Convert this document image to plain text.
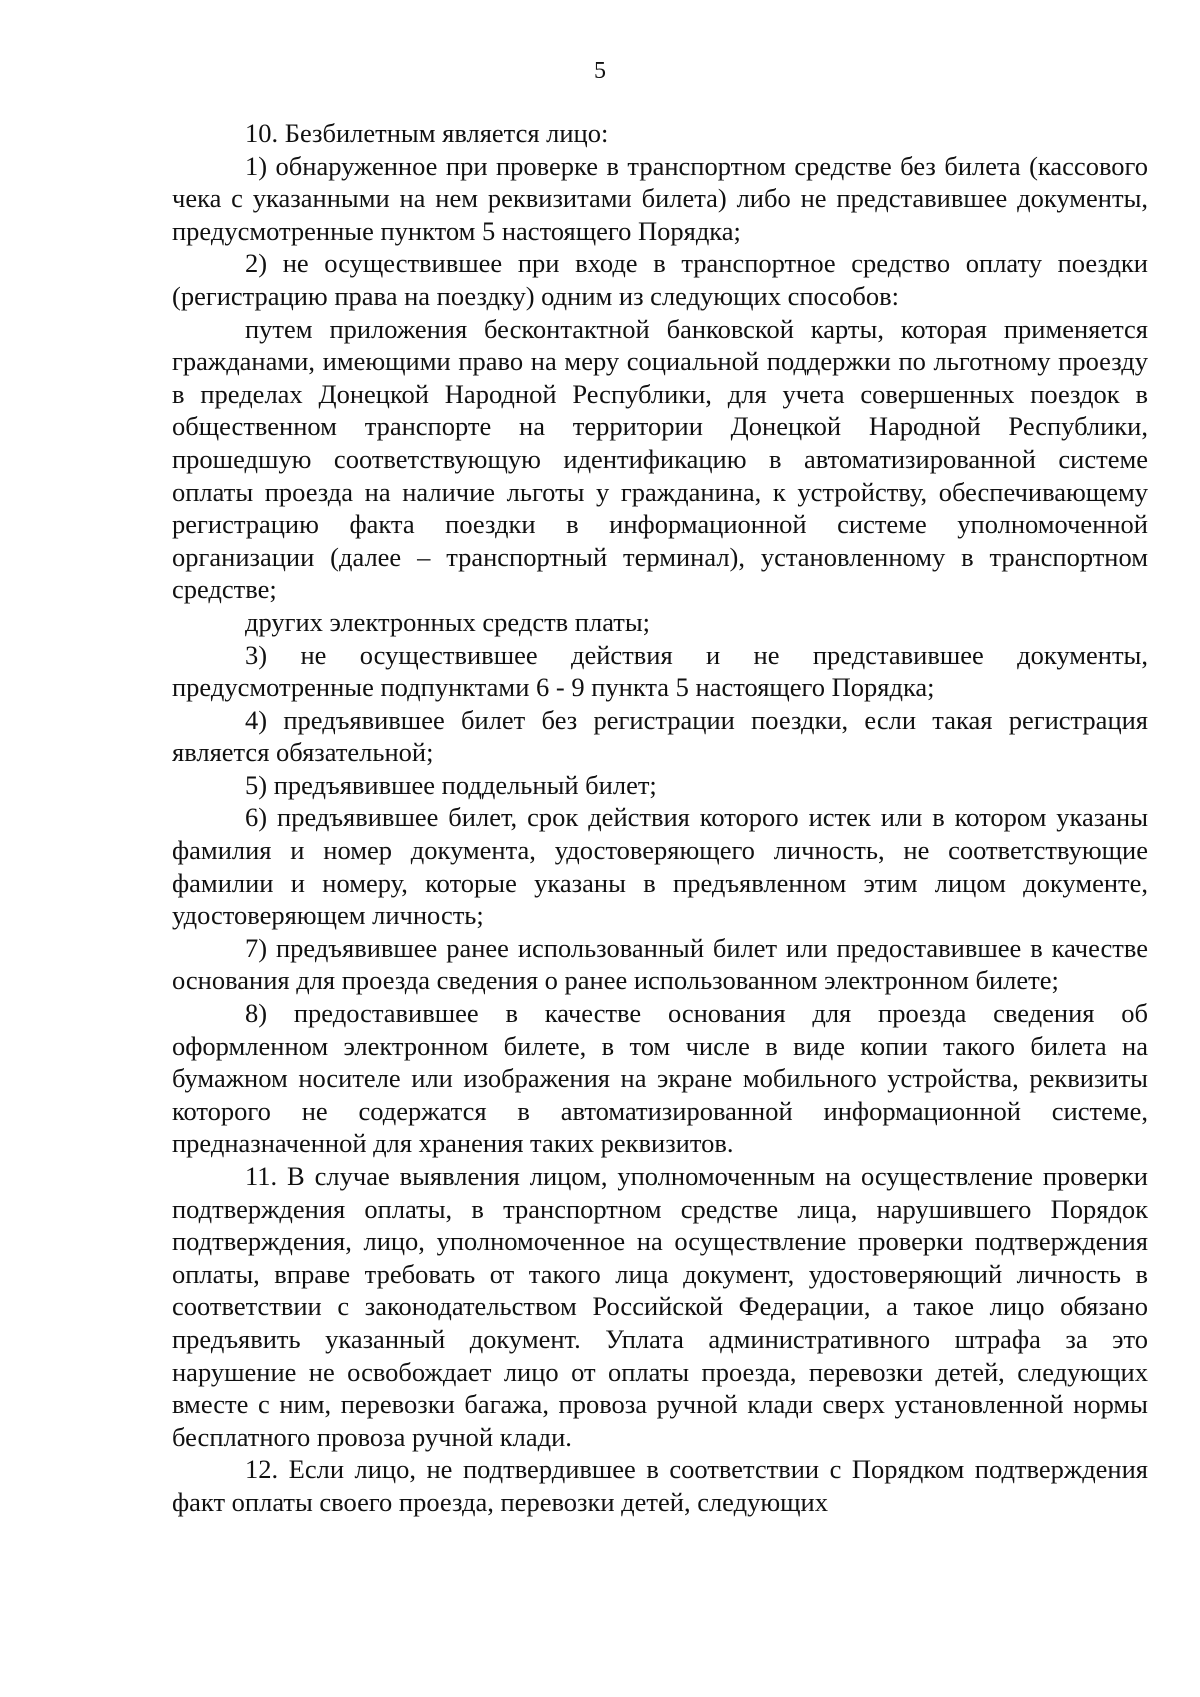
5

10. Безбилетным является лицо:

1) обнаруженное при проверке в транспортном средстве без билета (кассового чека с указанными на нем реквизитами билета) либо не представившее документы, предусмотренные пунктом 5 настоящего Порядка;

2) не осуществившее при входе в транспортное средство оплату поездки (регистрацию права на поездку) одним из следующих способов:

путем приложения бесконтактной банковской карты, которая применяется гражданами, имеющими право на меру социальной поддержки по льготному проезду в пределах Донецкой Народной Республики, для учета совершенных поездок в общественном транспорте на территории Донецкой Народной Республики, прошедшую соответствующую идентификацию в автоматизированной системе оплаты проезда на наличие льготы у гражданина, к устройству, обеспечивающему регистрацию факта поездки в информационной системе уполномоченной организации (далее – транспортный терминал), установленному в транспортном средстве;

других электронных средств платы;

3) не осуществившее действия и не представившее документы, предусмотренные подпунктами 6 - 9 пункта 5 настоящего Порядка;

4) предъявившее билет без регистрации поездки, если такая регистрация является обязательной;

5) предъявившее поддельный билет;

6) предъявившее билет, срок действия которого истек или в котором указаны фамилия и номер документа, удостоверяющего личность, не соответствующие фамилии и номеру, которые указаны в предъявленном этим лицом документе, удостоверяющем личность;

7) предъявившее ранее использованный билет или предоставившее в качестве основания для проезда сведения о ранее использованном электронном билете;

8) предоставившее в качестве основания для проезда сведения об оформленном электронном билете, в том числе в виде копии такого билета на бумажном носителе или изображения на экране мобильного устройства, реквизиты которого не содержатся в автоматизированной информационной системе, предназначенной для хранения таких реквизитов.

11. В случае выявления лицом, уполномоченным на осуществление проверки подтверждения оплаты, в транспортном средстве лица, нарушившего Порядок подтверждения, лицо, уполномоченное на осуществление проверки подтверждения оплаты, вправе требовать от такого лица документ, удостоверяющий личность в соответствии с законодательством Российской Федерации, а такое лицо обязано предъявить указанный документ. Уплата административного штрафа за это нарушение не освобождает лицо от оплаты проезда, перевозки детей, следующих вместе с ним, перевозки багажа, провоза ручной клади сверх установленной нормы бесплатного провоза ручной клади.

12. Если лицо, не подтвердившее в соответствии с Порядком подтверждения факт оплаты своего проезда, перевозки детей, следующих
